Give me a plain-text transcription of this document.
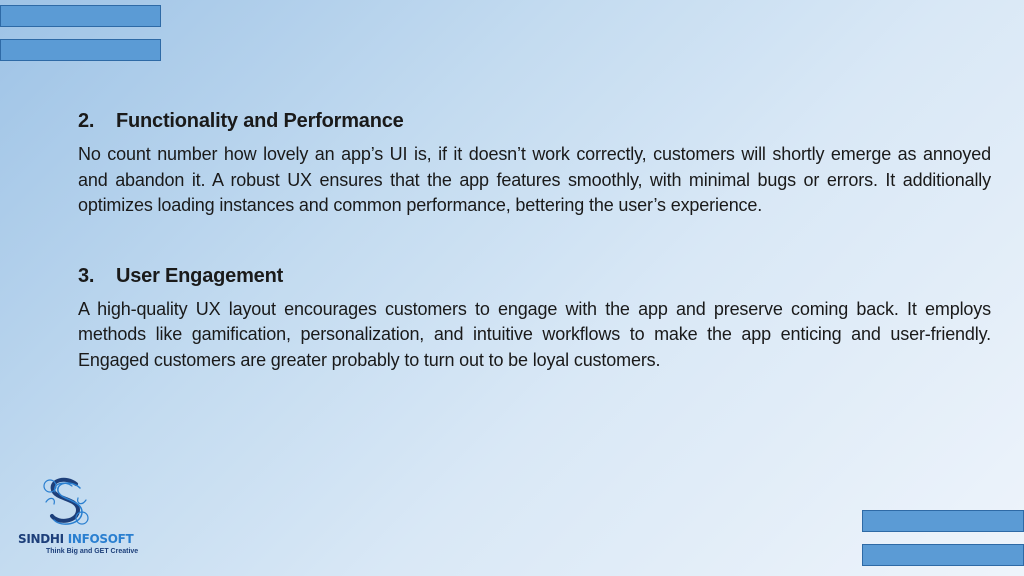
2.	Functionality and Performance

No count number how lovely an app’s UI is, if it doesn’t work correctly, customers will shortly emerge as annoyed and abandon it. A robust UX ensures that the app features smoothly, with minimal bugs or errors. It additionally optimizes loading instances and common performance, bettering the user’s experience.

3.	User Engagement

A high-quality UX layout encourages customers to engage with the app and preserve coming back. It employs methods like gamification, personalization, and intuitive workflows to make the app enticing and user-friendly. Engaged customers are greater probably to turn out to be loyal customers.

SINDHI INFOSOFT
Think Big and GET Creative
